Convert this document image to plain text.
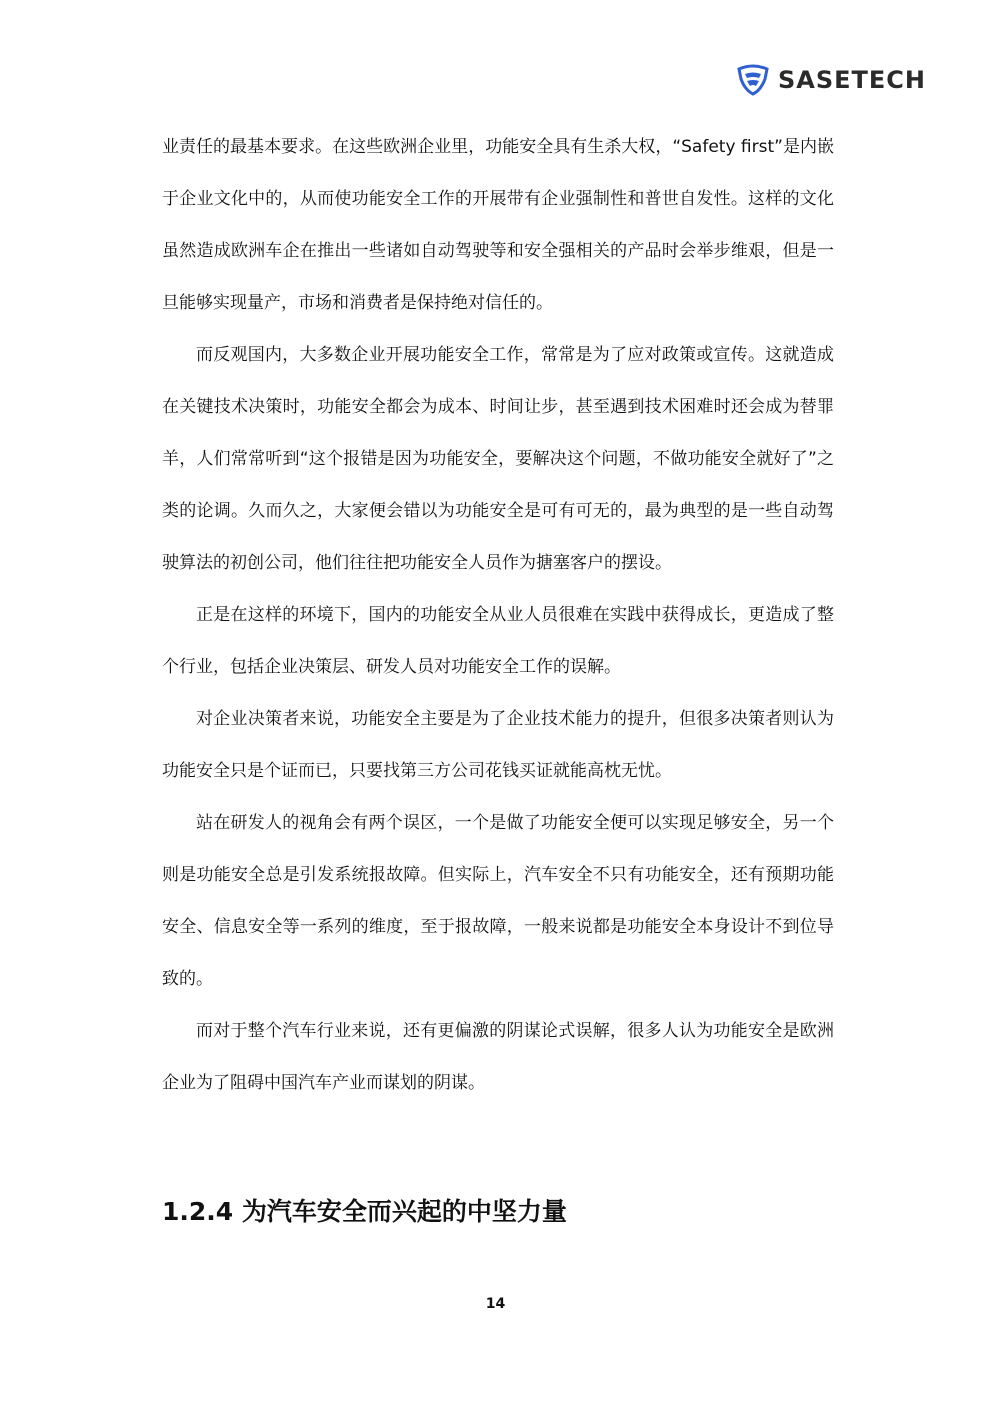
SASETECH

业责任的最基本要求。在这些欧洲企业里，功能安全具有生杀大权，“Safety first”是内嵌于企业文化中的，从而使功能安全工作的开展带有企业强制性和普世自发性。这样的文化虽然造成欧洲车企在推出一些诸如自动驾驶等和安全强相关的产品时会举步维艰，但是一旦能够实现量产，市场和消费者是保持绝对信任的。

而反观国内，大多数企业开展功能安全工作，常常是为了应对政策或宣传。这就造成在关键技术决策时，功能安全都会为成本、时间让步，甚至遇到技术困难时还会成为替罪羊，人们常常听到“这个报错是因为功能安全，要解决这个问题，不做功能安全就好了”之类的论调。久而久之，大家便会错以为功能安全是可有可无的，最为典型的是一些自动驾驶算法的初创公司，他们往往把功能安全人员作为搪塞客户的摆设。

正是在这样的环境下，国内的功能安全从业人员很难在实践中获得成长，更造成了整个行业，包括企业决策层、研发人员对功能安全工作的误解。

对企业决策者来说，功能安全主要是为了企业技术能力的提升，但很多决策者则认为功能安全只是个证而已，只要找第三方公司花钱买证就能高枕无忧。

站在研发人的视角会有两个误区，一个是做了功能安全便可以实现足够安全，另一个则是功能安全总是引发系统报故障。但实际上，汽车安全不只有功能安全，还有预期功能安全、信息安全等一系列的维度，至于报故障，一般来说都是功能安全本身设计不到位导致的。

而对于整个汽车行业来说，还有更偏激的阴谋论式误解，很多人认为功能安全是欧洲企业为了阻碍中国汽车产业而谋划的阴谋。

1.2.4 为汽车安全而兴起的中坚力量
14
